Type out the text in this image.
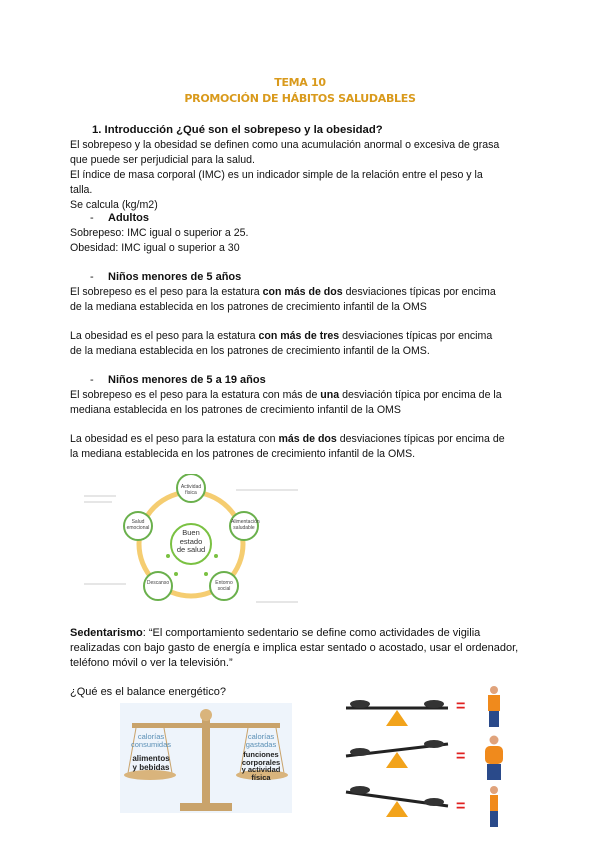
TEMA 10
PROMOCIÓN DE HÁBITOS SALUDABLES
1. Introducción ¿Qué son el sobrepeso y la obesidad?
El sobrepeso y la obesidad se definen como una acumulación anormal o excesiva de grasa
que puede ser perjudicial para la salud.
El índice de masa corporal (IMC) es un indicador simple de la relación entre el peso y la
talla.
Se calcula (kg/m2)
- Adultos
Sobrepeso: IMC igual o superior a 25.
Obesidad: IMC igual o superior a 30
- Niños menores de 5 años
El sobrepeso es el peso para la estatura con más de dos desviaciones típicas por encima
de la mediana establecida en los patrones de crecimiento infantil de la OMS
La obesidad es el peso para la estatura con más de tres desviaciones típicas por encima
de la mediana establecida en los patrones de crecimiento infantil de la OMS.
- Niños menores de 5 a 19 años
El sobrepeso es el peso para la estatura con más de una desviación típica por encima de la
mediana establecida en los patrones de crecimiento infantil de la OMS
La obesidad es el peso para la estatura con más de dos desviaciones típicas por encima de
la mediana establecida en los patrones de crecimiento infantil de la OMS.
Buen
estado
de salud
Actividad física
Alimentación saludable
Entorno social
Descanso
Salud emocional
Sedentarismo: “El comportamiento sedentario se define como actividades de vigilia
realizadas con bajo gasto de energía e implica estar sentado o acostado, usar el ordenador,
teléfono móvil o ver la televisión.”
¿Qué es el balance energético?
calorías
consumidas
alimentos
y bebidas
calorías
gastadas
funciones
corporales
y actividad
física
=
=
=
